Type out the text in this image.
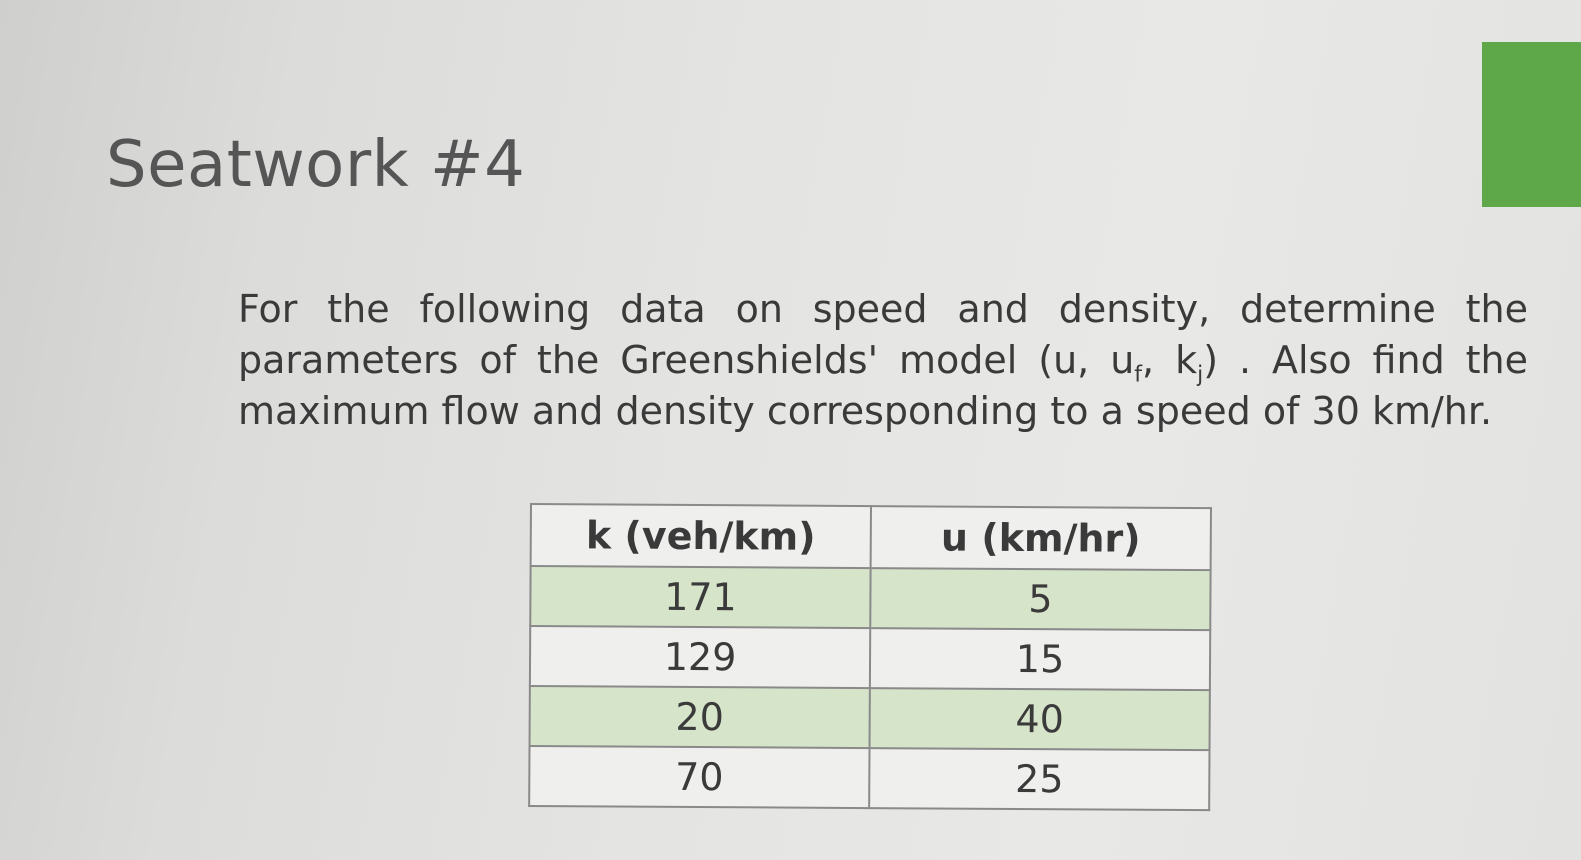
Seatwork #4

For the following data on speed and density, determine the parameters of the Greenshields' model (u, $u_f$, $k_j$) . Also find the maximum flow and density corresponding to a speed of 30 km/hr.

k (veh/km)	u (km/hr)
171	5
129	15
20	40
70	25
